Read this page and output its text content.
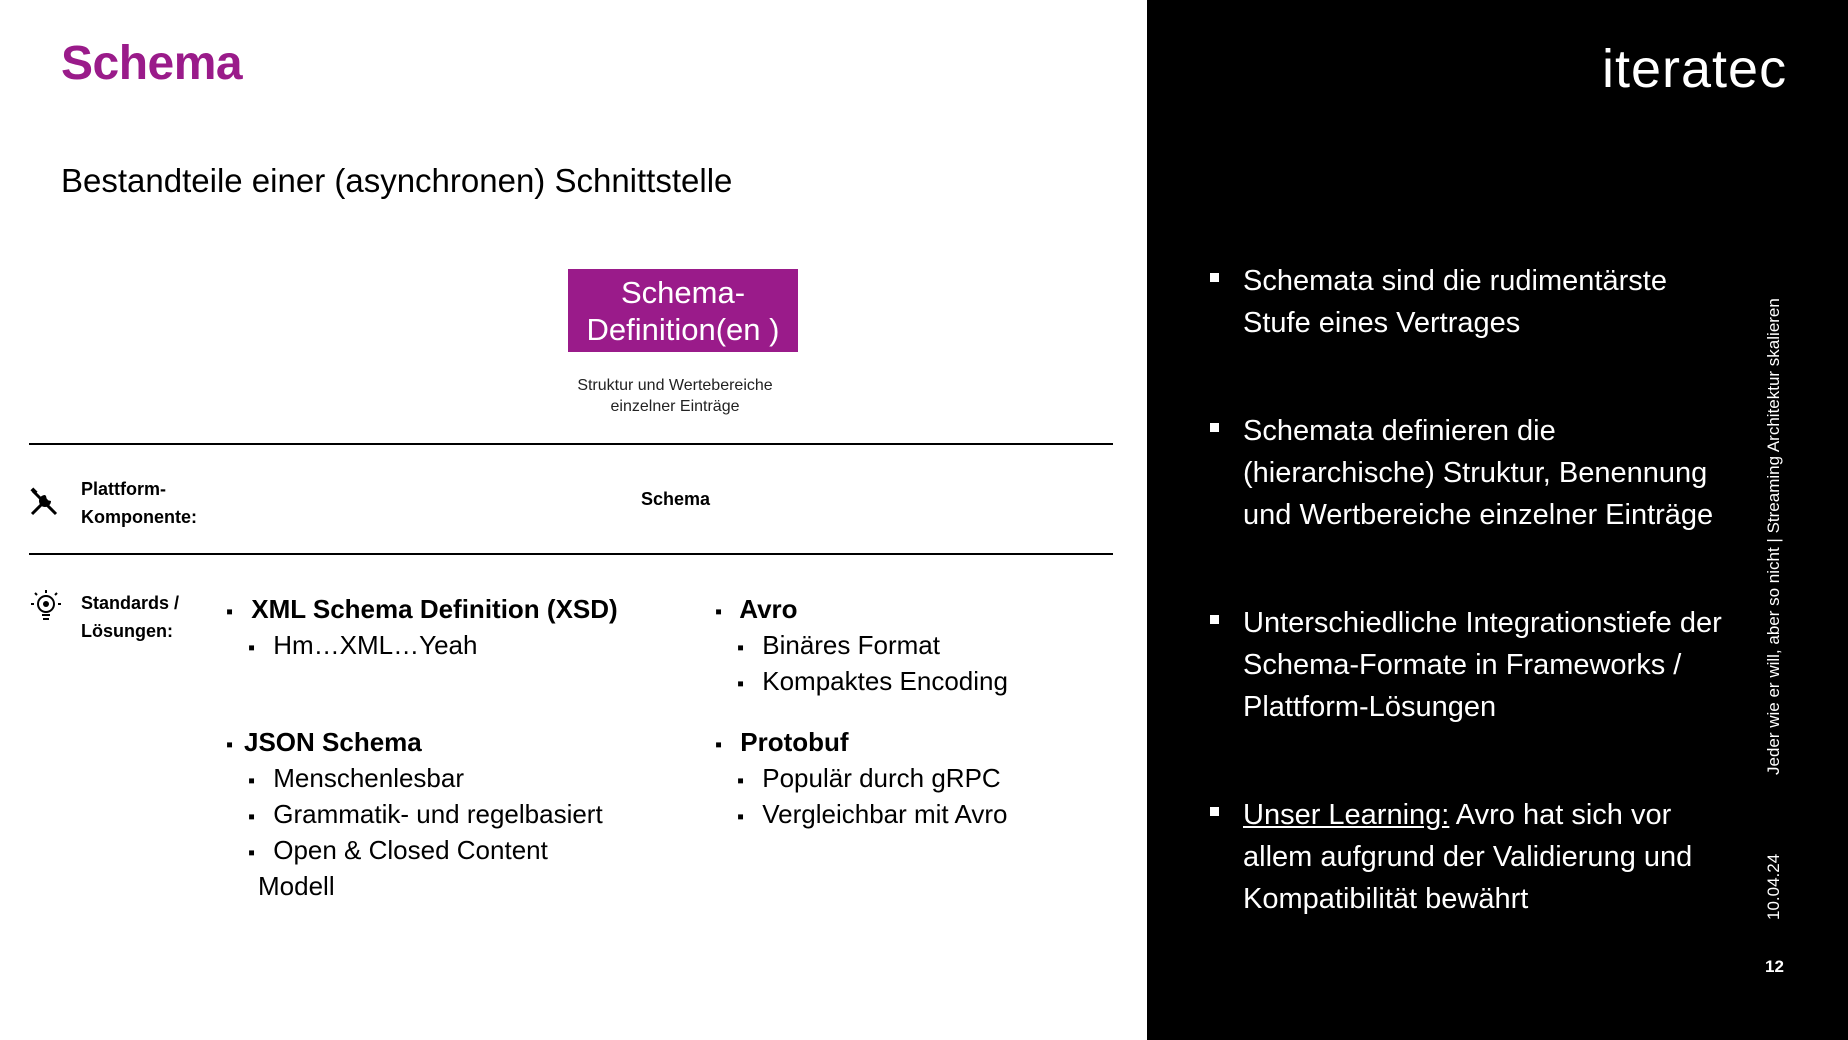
Schema
Bestandteile einer (asynchronen) Schnittstelle
Schema-
Definition(en )
Struktur und Wertebereiche
einzelner Einträge
Plattform-
Komponente:
Schema
Standards /
Lösungen:
▪ XML Schema Definition (XSD)
▪ Hm…XML…Yeah
▪ JSON Schema
▪ Menschenlesbar
▪ Grammatik- und regelbasiert
▪ Open & Closed Content
Modell
▪ Avro
▪ Binäres Format
▪ Kompaktes Encoding
▪ Protobuf
▪ Populär durch gRPC
▪ Vergleichbar mit Avro
iteratec
Schemata sind die rudimentärste Stufe eines Vertrages
Schemata definieren die (hierarchische) Struktur, Benennung und Wertbereiche einzelner Einträge
Unterschiedliche Integrationstiefe der Schema-Formate in Frameworks / Plattform-Lösungen
Unser Learning: Avro hat sich vor allem aufgrund der Validierung und Kompatibilität bewährt
Jeder wie er will, aber so nicht | Streaming Architektur skalieren
10.04.24
12
